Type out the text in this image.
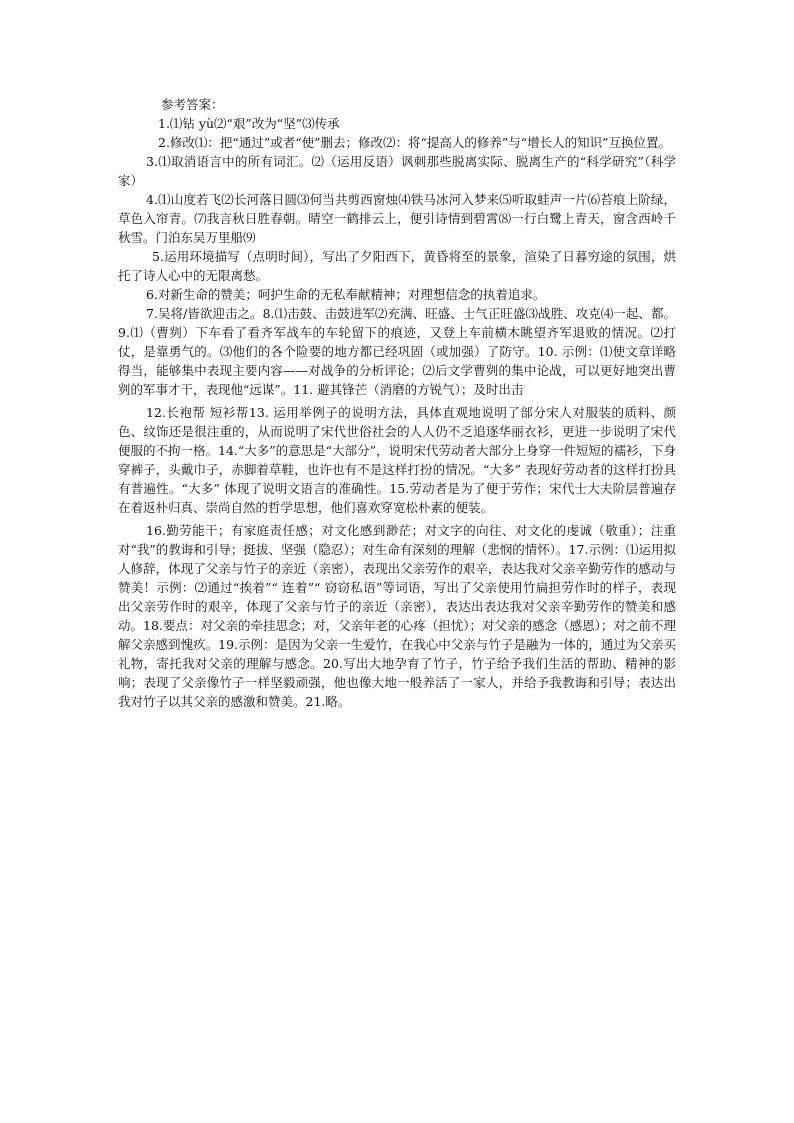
参考答案：

1.⑴钻 yù⑵“艰”改为“坚”⑶传承

2.修改⑴：把“通过”或者“使”删去；修改⑵：将“提高人的修养”与“增长人的知识”互换位置。

3.⑴取消语言中的所有词汇。⑵（运用反语）讽刺那些脱离实际、脱离生产的“科学研究”（科学家）

4.⑴山度若飞⑵长河落日圆⑶何当共剪西窗烛⑷铁马冰河入梦来⑸听取蛙声一片⑹苔痕上阶绿，草色入帘青。⑺我言秋日胜春朝。晴空一鹤排云上，便引诗情到碧霄⑻一行白鹭上青天，窗含西岭千秋雪。门泊东吴万里船⑼

5.运用环境描写（点明时间），写出了夕阳西下，黄昏将至的景象，渲染了日暮穷途的氛围，烘托了诗人心中的无限离愁。

6.对新生命的赞美；呵护生命的无私奉献精神；对理想信念的执着追求。

7.吴将/皆欲迎击之。8.⑴击鼓、击鼓进军⑵充满、旺盛、士气正旺盛⑶战胜、攻克⑷一起、都。9.⑴（曹刿）下车看了看齐军战车的车轮留下的痕迹，又登上车前横木眺望齐军退败的情况。⑵打仗，是靠勇气的。⑶他们的各个险要的地方都已经巩固（或加强）了防守。10. 示例：⑴使文章详略得当，能够集中表现主要内容——对战争的分析评论；⑵后文学曹刿的集中论战，可以更好地突出曹刿的军事才干，表现他“远谋”。11. 避其锋芒（消磨的方锐气）；及时出击

12.长袍帮 短衫帮13. 运用举例子的说明方法，具体直观地说明了部分宋人对服装的质料、颜色、纹饰还是很注重的，从而说明了宋代世俗社会的人人仍不乏追逐华丽衣衫，更进一步说明了宋代便服的不拘一格。14.“大多”的意思是“大部分”，说明宋代劳动者大部分上身穿一件短短的襦衫，下身穿裤子，头戴巾子，赤脚着草鞋，也许也有不是这样打扮的情况。“大多” 表现好劳动者的这样打扮具有普遍性。“大多” 体现了说明文语言的准确性。15.劳动者是为了便于劳作；宋代士大夫阶层普遍存在着返朴归真、崇尚自然的哲学思想，他们喜欢穿宽松朴素的便装。

16.勤劳能干；有家庭责任感；对文化感到渺茫；对文字的向往、对文化的虔诚（敬重）；注重对“我”的教诲和引导；挺拔、坚强（隐忍）；对生命有深刻的理解（悲悯的情怀）。17.示例：⑴运用拟人修辞，体现了父亲与竹子的亲近（亲密），表现出父亲劳作的艰辛，表达我对父亲辛勤劳作的感动与赞美！示例：⑵通过“挨着”“ 连着”“ 窃窃私语”等词语，写出了父亲使用竹扁担劳作时的样子，表现出父亲劳作时的艰辛，体现了父亲与竹子的亲近（亲密），表达出表达我对父亲辛勤劳作的赞美和感动。18.要点：对父亲的牵挂思念；对，父亲年老的心疼（担忧）；对父亲的感念（感恩）；对之前不理解父亲感到愧疚。19.示例：是因为父亲一生爱竹，在我心中父亲与竹子是融为一体的，通过为父亲买礼物，寄托我对父亲的理解与感念。20.写出大地孕育了竹子，竹子给予我们生活的帮助、精神的影响；表现了父亲像竹子一样坚毅顽强，他也像大地一般养活了一家人，并给予我教诲和引导；表达出我对竹子以其父亲的感激和赞美。21.略。
